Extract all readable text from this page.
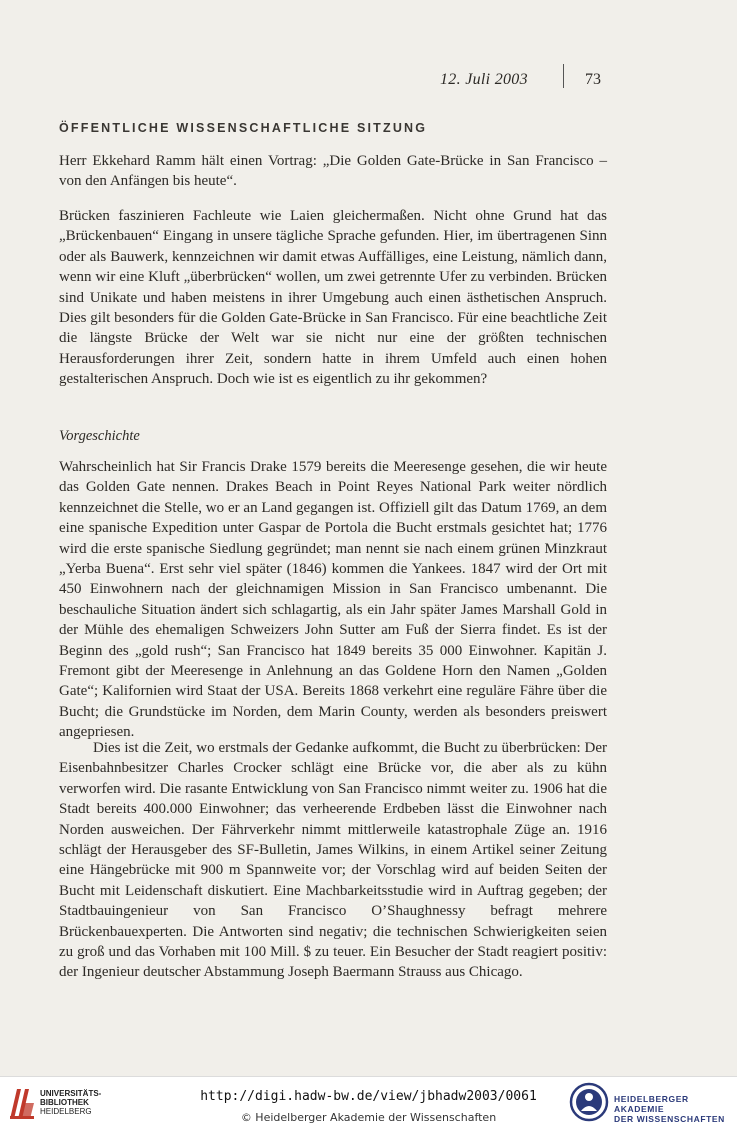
12. Juli 2003	73
ÖFFENTLICHE WISSENSCHAFTLICHE SITZUNG

Herr Ekkehard Ramm hält einen Vortrag: „Die Golden Gate-Brücke in San Francisco – von den Anfängen bis heute“.

Brücken faszinieren Fachleute wie Laien gleichermaßen. Nicht ohne Grund hat das „Brückenbauen“ Eingang in unsere tägliche Sprache gefunden. Hier, im übertragenen Sinn oder als Bauwerk, kennzeichnen wir damit etwas Auffälliges, eine Leistung, nämlich dann, wenn wir eine Kluft „überbrücken“ wollen, um zwei getrennte Ufer zu verbinden. Brücken sind Unikate und haben meistens in ihrer Umgebung auch einen ästhetischen Anspruch. Dies gilt besonders für die Golden Gate-Brücke in San Francisco. Für eine beachtliche Zeit die längste Brücke der Welt war sie nicht nur eine der größten technischen Herausforderungen ihrer Zeit, sondern hatte in ihrem Umfeld auch einen hohen gestalterischen Anspruch. Doch wie ist es eigentlich zu ihr gekommen?

Vorgeschichte

Wahrscheinlich hat Sir Francis Drake 1579 bereits die Meeresenge gesehen, die wir heute das Golden Gate nennen. Drakes Beach in Point Reyes National Park weiter nördlich kennzeichnet die Stelle, wo er an Land gegangen ist. Offiziell gilt das Datum 1769, an dem eine spanische Expedition unter Gaspar de Portola die Bucht erstmals gesichtet hat; 1776 wird die erste spanische Siedlung gegründet; man nennt sie nach einem grünen Minzkraut „Yerba Buena“. Erst sehr viel später (1846) kommen die Yankees. 1847 wird der Ort mit 450 Einwohnern nach der gleichnamigen Mission in San Francisco umbenannt. Die beschauliche Situation ändert sich schlagartig, als ein Jahr später James Marshall Gold in der Mühle des ehemaligen Schweizers John Sutter am Fuß der Sierra findet. Es ist der Beginn des „gold rush“; San Francisco hat 1849 bereits 35 000 Einwohner. Kapitän J. Fremont gibt der Meeresenge in Anlehnung an das Goldene Horn den Namen „Golden Gate“; Kalifornien wird Staat der USA. Bereits 1868 verkehrt eine reguläre Fähre über die Bucht; die Grundstücke im Norden, dem Marin County, werden als besonders preiswert angepriesen.

Dies ist die Zeit, wo erstmals der Gedanke aufkommt, die Bucht zu überbrücken: Der Eisenbahnbesitzer Charles Crocker schlägt eine Brücke vor, die aber als zu kühn verworfen wird. Die rasante Entwicklung von San Francisco nimmt weiter zu. 1906 hat die Stadt bereits 400.000 Einwohner; das verheerende Erdbeben lässt die Einwohner nach Norden ausweichen. Der Fährverkehr nimmt mittlerweile katastrophale Züge an. 1916 schlägt der Herausgeber des SF-Bulletin, James Wilkins, in einem Artikel seiner Zeitung eine Hängebrücke mit 900 m Spannweite vor; der Vorschlag wird auf beiden Seiten der Bucht mit Leidenschaft diskutiert. Eine Machbarkeitsstudie wird in Auftrag gegeben; der Stadtbauingenieur von San Francisco O’Shaughnessy befragt mehrere Brückenbauexperten. Die Antworten sind negativ; die technischen Schwierigkeiten seien zu groß und das Vorhaben mit 100 Mill. $ zu teuer. Ein Besucher der Stadt reagiert positiv: der Ingenieur deutscher Abstammung Joseph Baermann Strauss aus Chicago.

UNIVERSITÄTS-
BIBLIOTHEK
HEIDELBERG
http://digi.hadw-bw.de/view/jbhadw2003/0061
© Heidelberger Akademie der Wissenschaften
HEIDELBERGER AKADEMIE
DER WISSENSCHAFTEN
